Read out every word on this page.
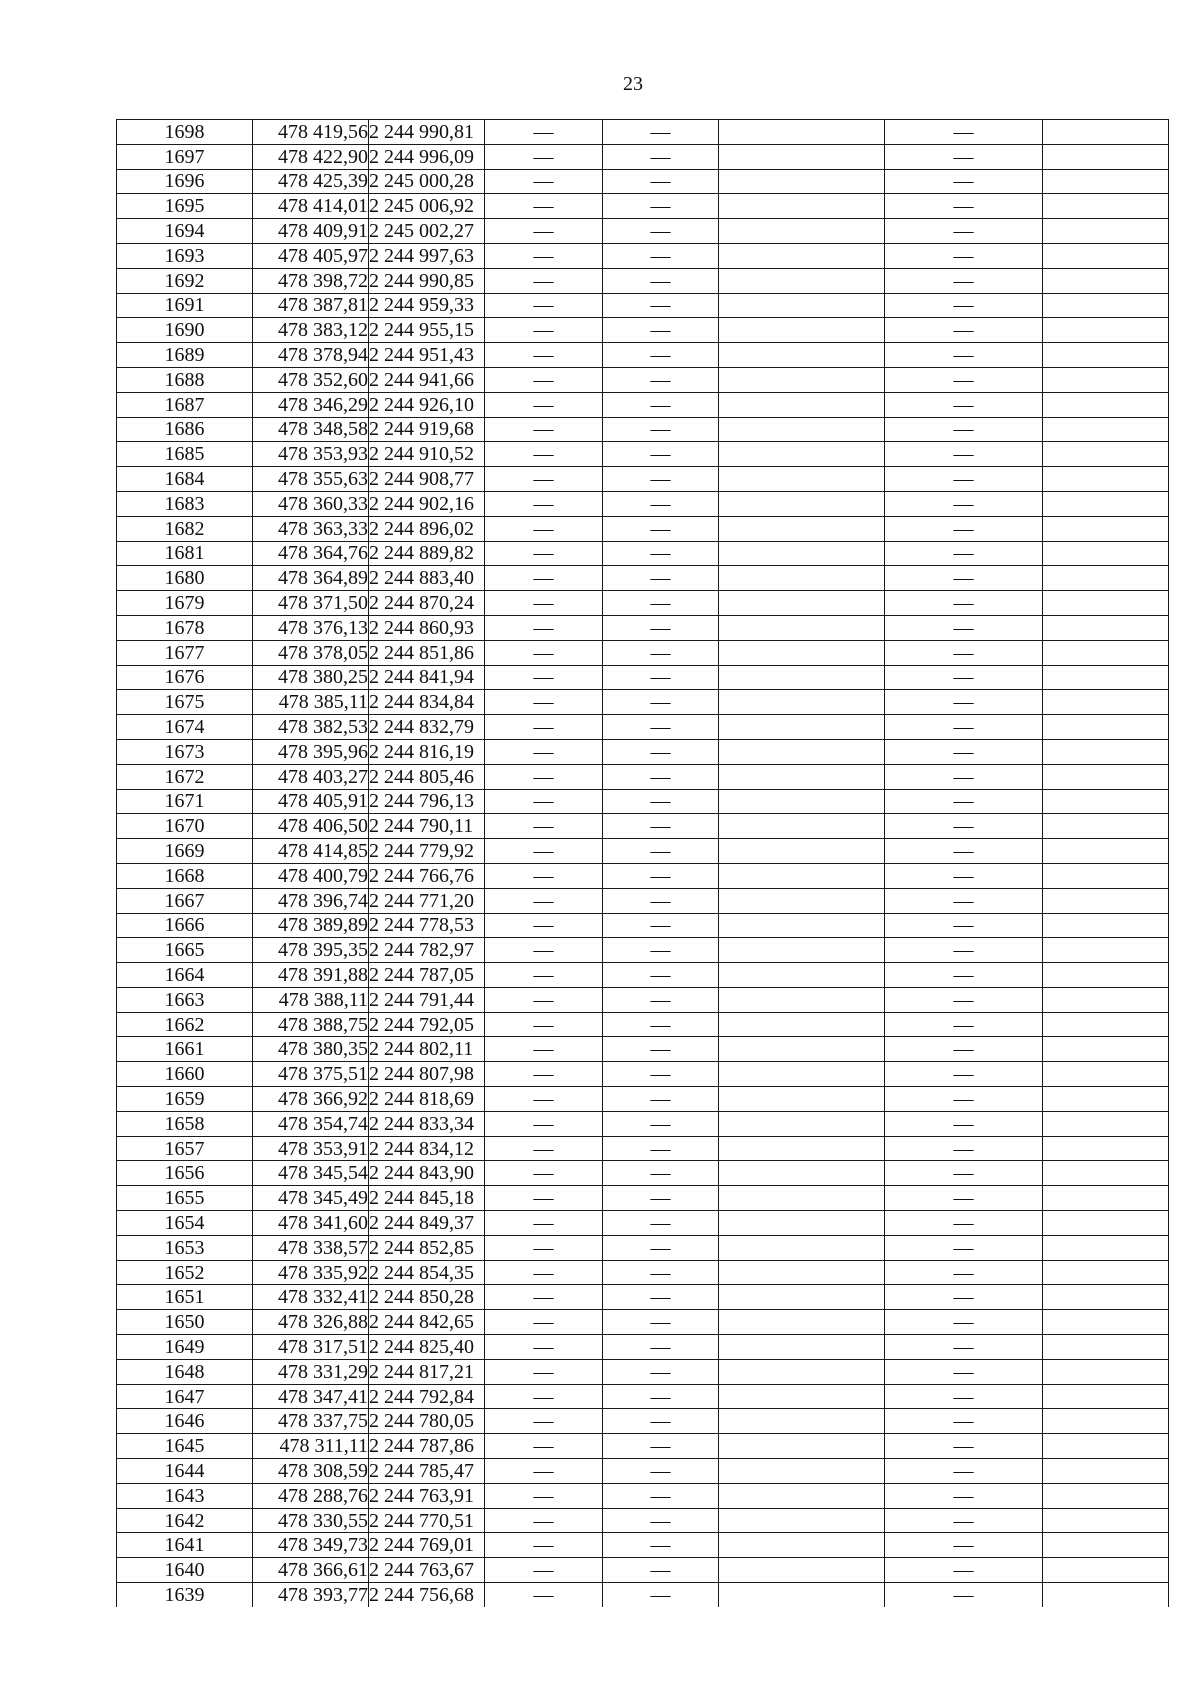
23
1698	478 419,56	2 244 990,81	—	—		—	
1697	478 422,90	2 244 996,09	—	—		—	
1696	478 425,39	2 245 000,28	—	—		—	
1695	478 414,01	2 245 006,92	—	—		—	
1694	478 409,91	2 245 002,27	—	—		—	
1693	478 405,97	2 244 997,63	—	—		—	
1692	478 398,72	2 244 990,85	—	—		—	
1691	478 387,81	2 244 959,33	—	—		—	
1690	478 383,12	2 244 955,15	—	—		—	
1689	478 378,94	2 244 951,43	—	—		—	
1688	478 352,60	2 244 941,66	—	—		—	
1687	478 346,29	2 244 926,10	—	—		—	
1686	478 348,58	2 244 919,68	—	—		—	
1685	478 353,93	2 244 910,52	—	—		—	
1684	478 355,63	2 244 908,77	—	—		—	
1683	478 360,33	2 244 902,16	—	—		—	
1682	478 363,33	2 244 896,02	—	—		—	
1681	478 364,76	2 244 889,82	—	—		—	
1680	478 364,89	2 244 883,40	—	—		—	
1679	478 371,50	2 244 870,24	—	—		—	
1678	478 376,13	2 244 860,93	—	—		—	
1677	478 378,05	2 244 851,86	—	—		—	
1676	478 380,25	2 244 841,94	—	—		—	
1675	478 385,11	2 244 834,84	—	—		—	
1674	478 382,53	2 244 832,79	—	—		—	
1673	478 395,96	2 244 816,19	—	—		—	
1672	478 403,27	2 244 805,46	—	—		—	
1671	478 405,91	2 244 796,13	—	—		—	
1670	478 406,50	2 244 790,11	—	—		—	
1669	478 414,85	2 244 779,92	—	—		—	
1668	478 400,79	2 244 766,76	—	—		—	
1667	478 396,74	2 244 771,20	—	—		—	
1666	478 389,89	2 244 778,53	—	—		—	
1665	478 395,35	2 244 782,97	—	—		—	
1664	478 391,88	2 244 787,05	—	—		—	
1663	478 388,11	2 244 791,44	—	—		—	
1662	478 388,75	2 244 792,05	—	—		—	
1661	478 380,35	2 244 802,11	—	—		—	
1660	478 375,51	2 244 807,98	—	—		—	
1659	478 366,92	2 244 818,69	—	—		—	
1658	478 354,74	2 244 833,34	—	—		—	
1657	478 353,91	2 244 834,12	—	—		—	
1656	478 345,54	2 244 843,90	—	—		—	
1655	478 345,49	2 244 845,18	—	—		—	
1654	478 341,60	2 244 849,37	—	—		—	
1653	478 338,57	2 244 852,85	—	—		—	
1652	478 335,92	2 244 854,35	—	—		—	
1651	478 332,41	2 244 850,28	—	—		—	
1650	478 326,88	2 244 842,65	—	—		—	
1649	478 317,51	2 244 825,40	—	—		—	
1648	478 331,29	2 244 817,21	—	—		—	
1647	478 347,41	2 244 792,84	—	—		—	
1646	478 337,75	2 244 780,05	—	—		—	
1645	478 311,11	2 244 787,86	—	—		—	
1644	478 308,59	2 244 785,47	—	—		—	
1643	478 288,76	2 244 763,91	—	—		—	
1642	478 330,55	2 244 770,51	—	—		—	
1641	478 349,73	2 244 769,01	—	—		—	
1640	478 366,61	2 244 763,67	—	—		—	
1639	478 393,77	2 244 756,68	—	—		—	
